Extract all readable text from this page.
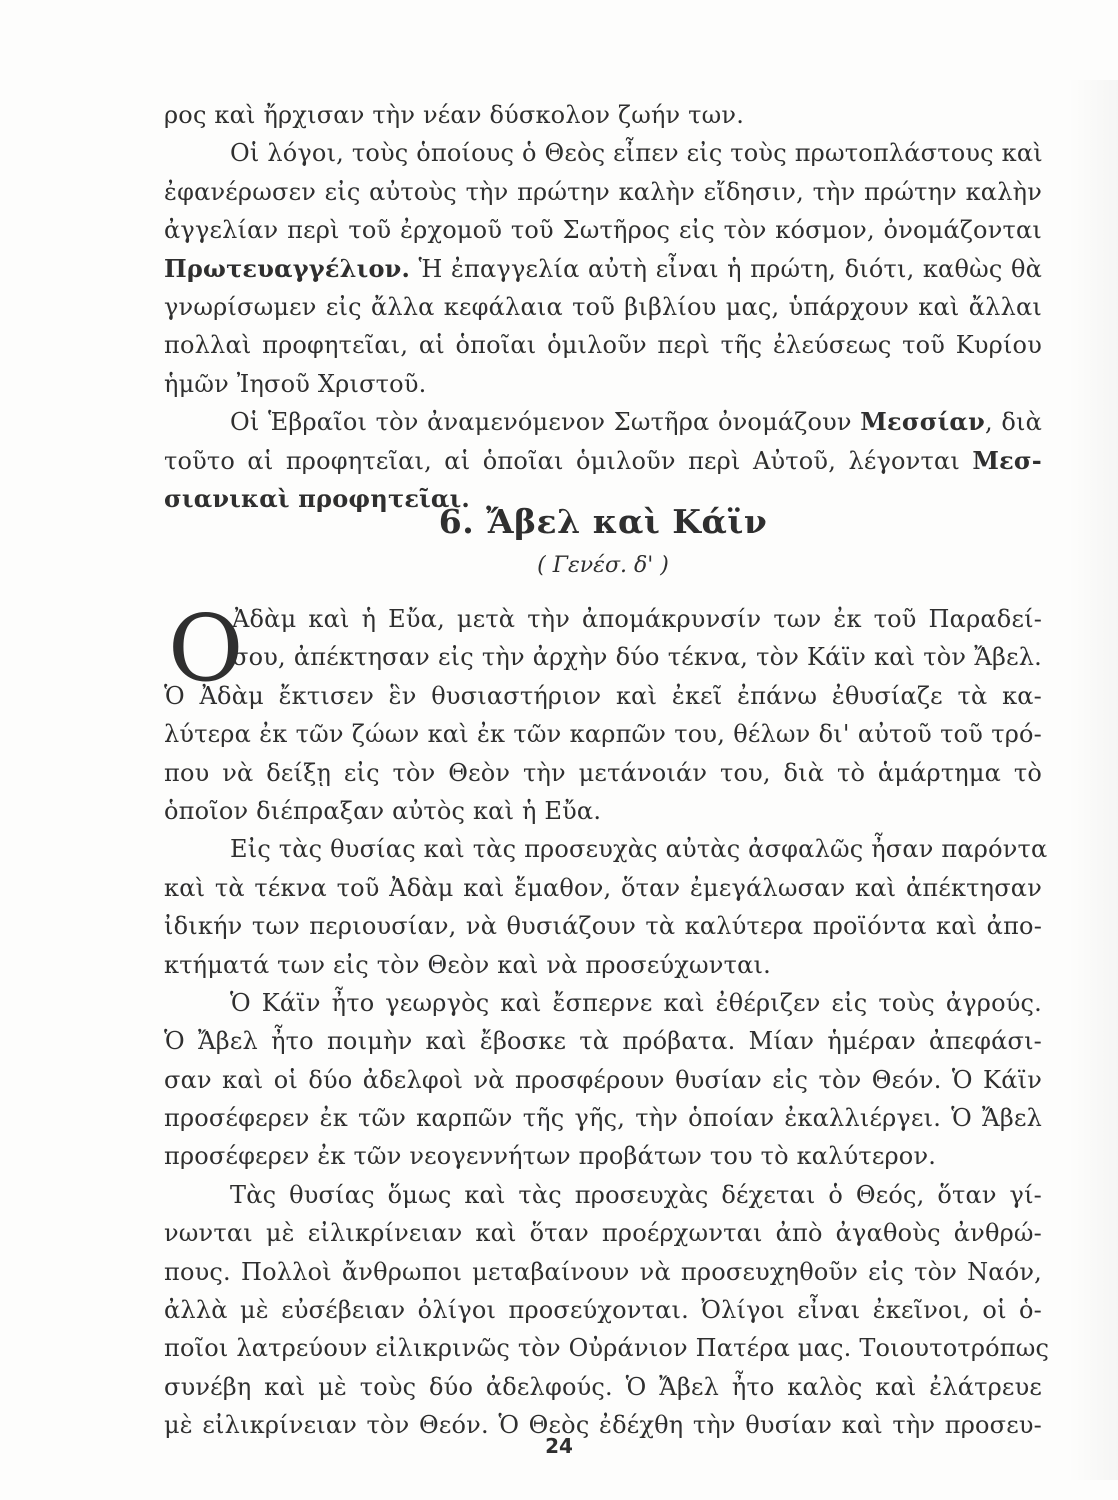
ρος καὶ ἤρχισαν τὴν νέαν δύσκολον ζωήν των.
Οἱ λόγοι, τοὺς ὁποίους ὁ Θεὸς εἶπεν εἰς τοὺς πρωτοπλάστους καὶ
ἐφανέρωσεν εἰς αὐτοὺς τὴν πρώτην καλὴν εἴδησιν, τὴν πρώτην καλὴν
ἀγγελίαν περὶ τοῦ ἐρχομοῦ τοῦ Σωτῆρος εἰς τὸν κόσμον, ὀνομάζονται
Πρωτευαγγέλιον. Ἡ ἐπαγγελία αὐτὴ εἶναι ἡ πρώτη, διότι, καθὼς θὰ
γνωρίσωμεν εἰς ἄλλα κεφάλαια τοῦ βιβλίου μας, ὑπάρχουν καὶ ἄλλαι
πολλαὶ προφητεῖαι, αἱ ὁποῖαι ὁμιλοῦν περὶ τῆς ἐλεύσεως τοῦ Κυρίου
ἡμῶν Ἰησοῦ Χριστοῦ.
Οἱ Ἑβραῖοι τὸν ἀναμενόμενον Σωτῆρα ὀνομάζουν Μεσσίαν, διὰ
τοῦτο αἱ προφητεῖαι, αἱ ὁποῖαι ὁμιλοῦν περὶ Αὐτοῦ, λέγονται Μεσ-
σιανικαὶ προφητεῖαι.
6. Ἄβελ καὶ Κάϊν
( Γενέσ. δ' )
Ο
Ἀδὰμ καὶ ἡ Εὔα, μετὰ τὴν ἀπομάκρυνσίν των ἐκ τοῦ Παραδεί-
σου, ἀπέκτησαν εἰς τὴν ἀρχὴν δύο τέκνα, τὸν Κάϊν καὶ τὸν Ἄβελ.
Ὁ Ἀδὰμ ἔκτισεν ἓν θυσιαστήριον καὶ ἐκεῖ ἐπάνω ἐθυσίαζε τὰ κα-
λύτερα ἐκ τῶν ζώων καὶ ἐκ τῶν καρπῶν του, θέλων δι' αὐτοῦ τοῦ τρό-
που νὰ δείξῃ εἰς τὸν Θεὸν τὴν μετάνοιάν του, διὰ τὸ ἁμάρτημα τὸ
ὁποῖον διέπραξαν αὐτὸς καὶ ἡ Εὔα.
Εἰς τὰς θυσίας καὶ τὰς προσευχὰς αὐτὰς ἀσφαλῶς ἦσαν παρόντα
καὶ τὰ τέκνα τοῦ Ἀδὰμ καὶ ἔμαθον, ὅταν ἐμεγάλωσαν καὶ ἀπέκτησαν
ἰδικήν των περιουσίαν, νὰ θυσιάζουν τὰ καλύτερα προϊόντα καὶ ἀπο-
κτήματά των εἰς τὸν Θεὸν καὶ νὰ προσεύχωνται.
Ὁ Κάϊν ἦτο γεωργὸς καὶ ἔσπερνε καὶ ἐθέριζεν εἰς τοὺς ἀγρούς.
Ὁ Ἄβελ ἦτο ποιμὴν καὶ ἔβοσκε τὰ πρόβατα. Μίαν ἡμέραν ἀπεφάσι-
σαν καὶ οἱ δύο ἀδελφοὶ νὰ προσφέρουν θυσίαν εἰς τὸν Θεόν. Ὁ Κάϊν
προσέφερεν ἐκ τῶν καρπῶν τῆς γῆς, τὴν ὁποίαν ἐκαλλιέργει. Ὁ Ἄβελ
προσέφερεν ἐκ τῶν νεογεννήτων προβάτων του τὸ καλύτερον.
Τὰς θυσίας ὅμως καὶ τὰς προσευχὰς δέχεται ὁ Θεός, ὅταν γί-
νωνται μὲ εἰλικρίνειαν καὶ ὅταν προέρχωνται ἀπὸ ἀγαθοὺς ἀνθρώ-
πους. Πολλοὶ ἄνθρωποι μεταβαίνουν νὰ προσευχηθοῦν εἰς τὸν Ναόν,
ἀλλὰ μὲ εὐσέβειαν ὀλίγοι προσεύχονται. Ὀλίγοι εἶναι ἐκεῖνοι, οἱ ὁ-
ποῖοι λατρεύουν εἰλικρινῶς τὸν Οὐράνιον Πατέρα μας. Τοιουτοτρόπως
συνέβη καὶ μὲ τοὺς δύο ἀδελφούς. Ὁ Ἄβελ ἦτο καλὸς καὶ ἐλάτρευε
μὲ εἰλικρίνειαν τὸν Θεόν. Ὁ Θεὸς ἐδέχθη τὴν θυσίαν καὶ τὴν προσευ-
24
